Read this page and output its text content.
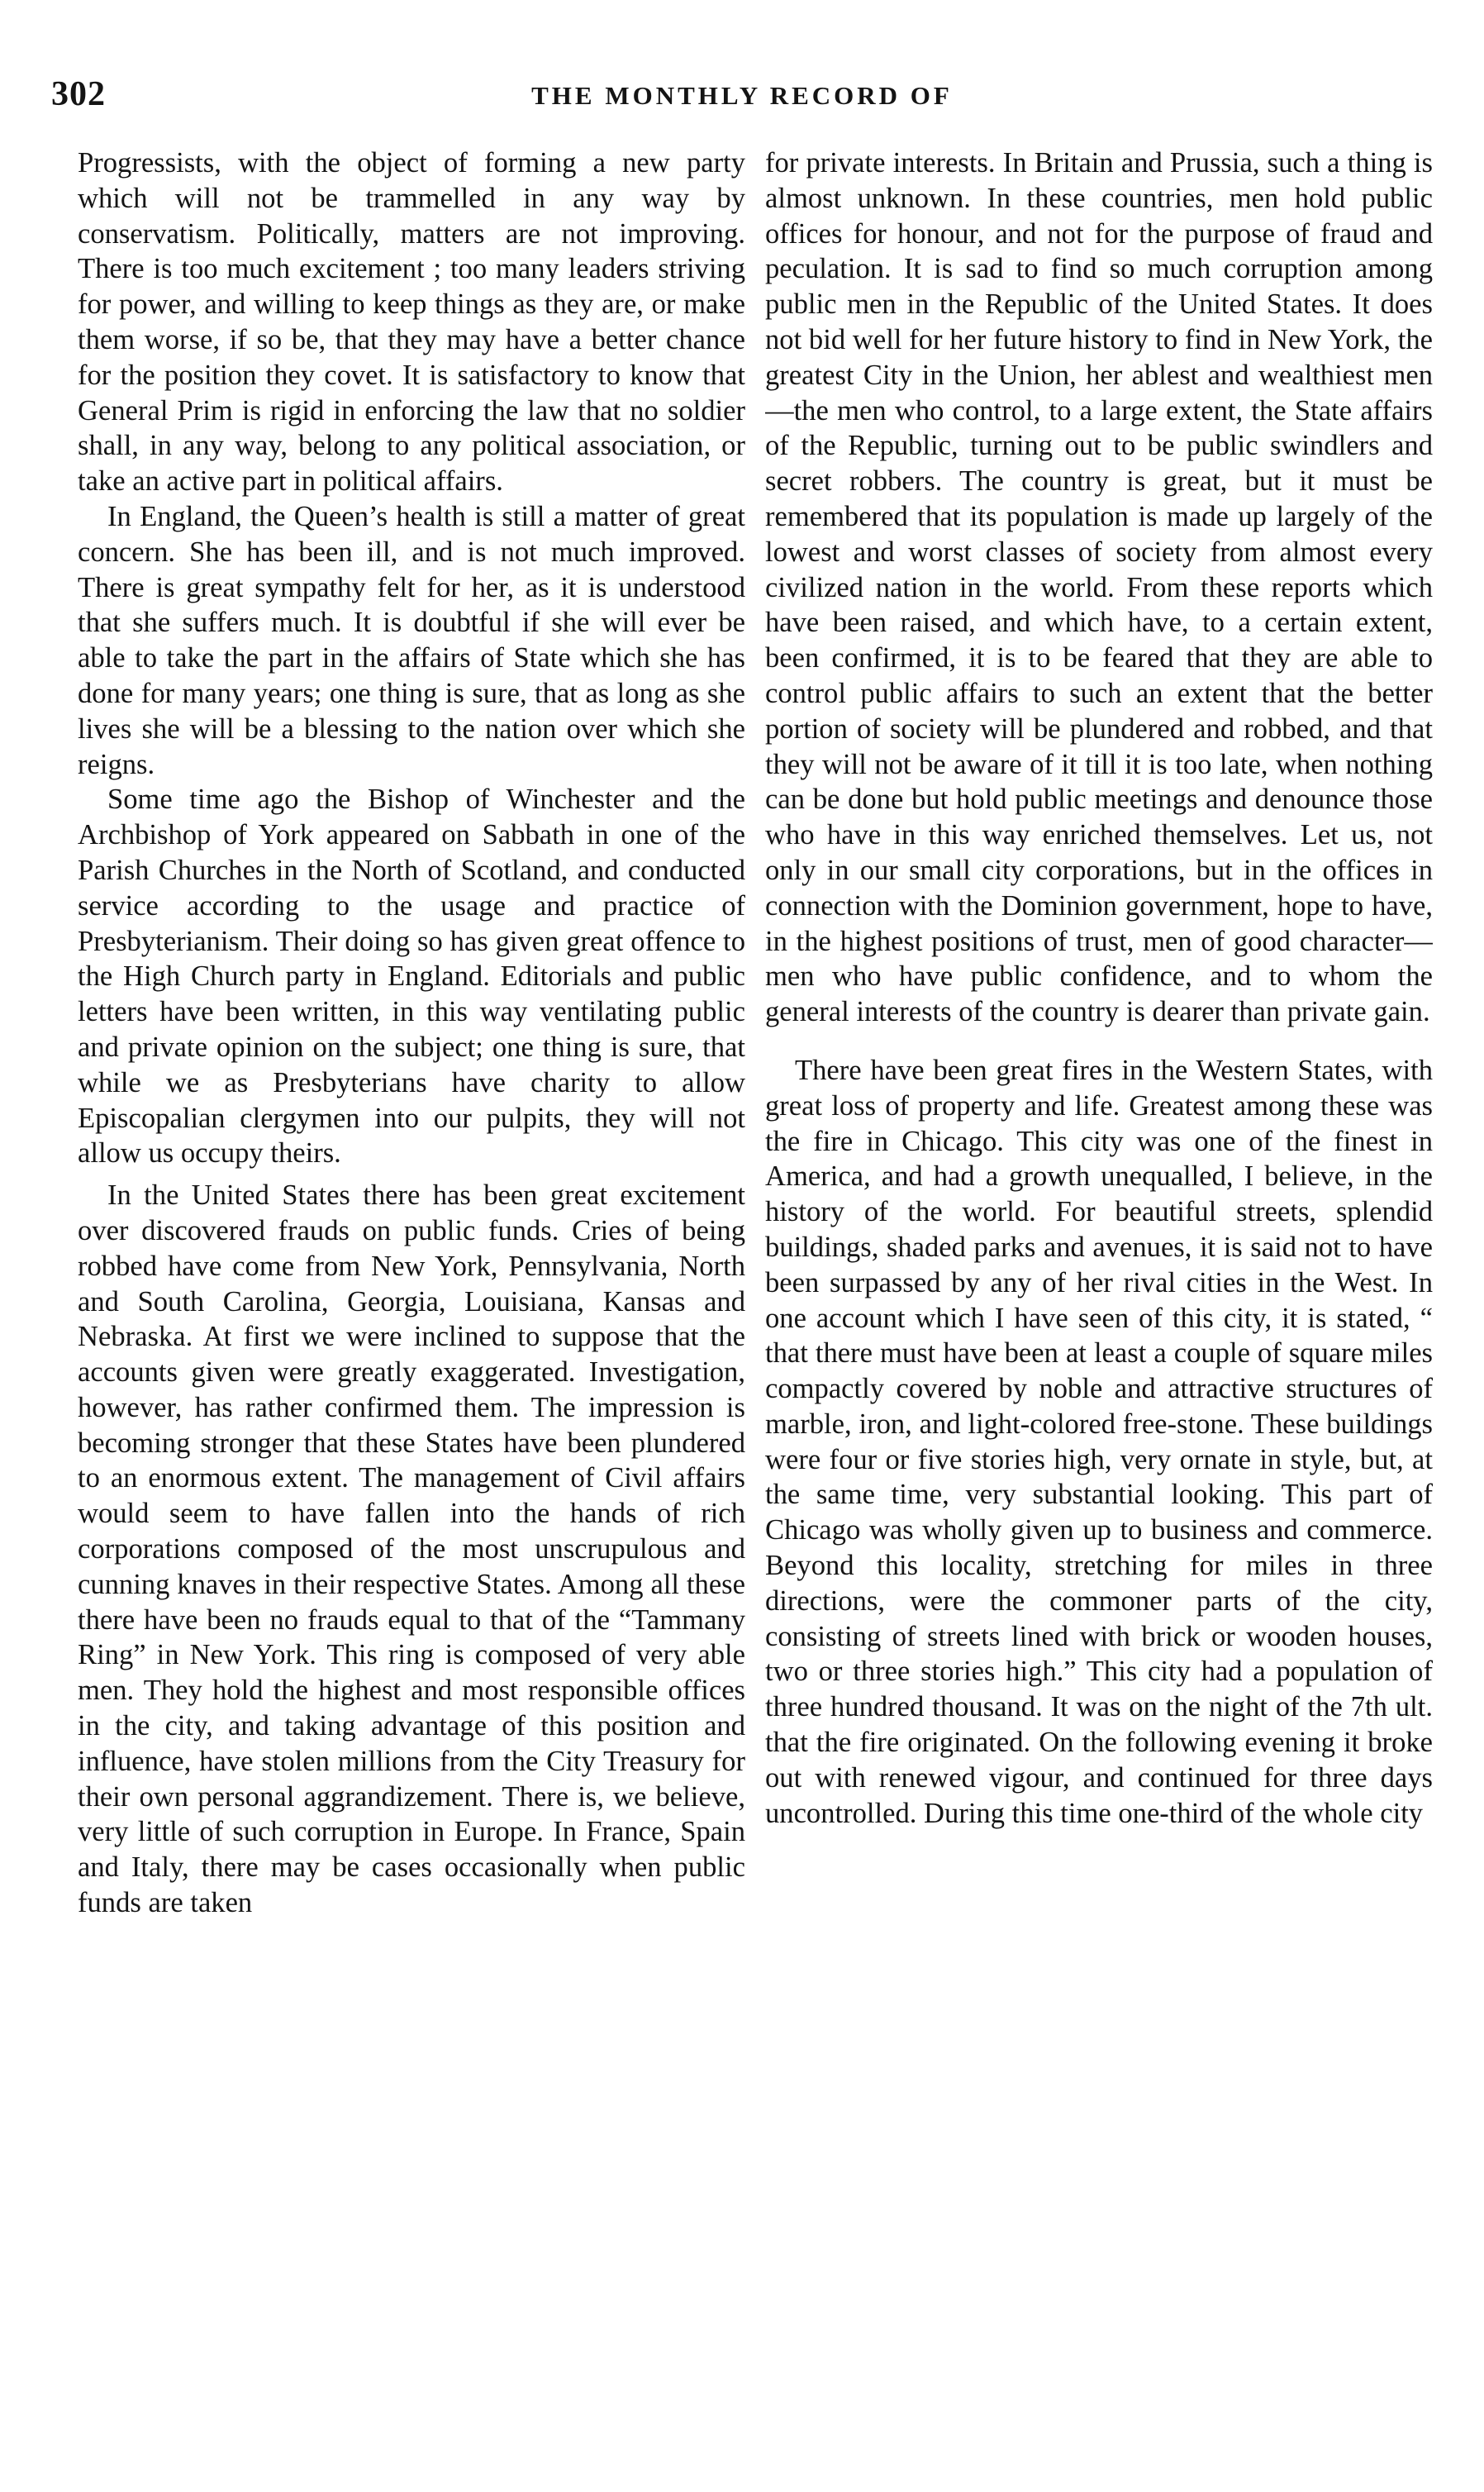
302	THE MONTHLY RECORD OF

Progressists, with the object of forming a new party which will not be trammelled in any way by conservatism. Politically, matters are not improving. There is too much excitement ; too many leaders striving for power, and willing to keep things as they are, or make them worse, if so be, that they may have a better chance for the position they covet. It is satisfactory to know that General Prim is rigid in enforcing the law that no soldier shall, in any way, belong to any political association, or take an active part in political affairs.

In England, the Queen’s health is still a matter of great concern. She has been ill, and is not much improved. There is great sympathy felt for her, as it is understood that she suffers much. It is doubtful if she will ever be able to take the part in the affairs of State which she has done for many years; one thing is sure, that as long as she lives she will be a blessing to the nation over which she reigns.

Some time ago the Bishop of Winchester and the Archbishop of York appeared on Sabbath in one of the Parish Churches in the North of Scotland, and conducted service according to the usage and practice of Presbyterianism. Their doing so has given great offence to the High Church party in England. Editorials and public letters have been written, in this way ventilating public and private opinion on the subject; one thing is sure, that while we as Presbyterians have charity to allow Episcopalian clergymen into our pulpits, they will not allow us occupy theirs.

In the United States there has been great excitement over discovered frauds on public funds. Cries of being robbed have come from New York, Pennsylvania, North and South Carolina, Georgia, Louisiana, Kansas and Nebraska. At first we were inclined to suppose that the accounts given were greatly exaggerated. Investigation, however, has rather confirmed them. The impression is becoming stronger that these States have been plundered to an enormous extent. The management of Civil affairs would seem to have fallen into the hands of rich corporations composed of the most unscrupulous and cunning knaves in their respective States. Among all these there have been no frauds equal to that of the “Tammany Ring” in New York. This ring is composed of very able men. They hold the highest and most responsible offices in the city, and taking advantage of this position and influence, have stolen millions from the City Treasury for their own personal aggrandizement. There is, we believe, very little of such corruption in Europe. In France, Spain and Italy, there may be cases occasionally when public funds are taken

for private interests. In Britain and Prussia, such a thing is almost unknown. In these countries, men hold public offices for honour, and not for the purpose of fraud and peculation. It is sad to find so much corruption among public men in the Republic of the United States. It does not bid well for her future history to find in New York, the greatest City in the Union, her ablest and wealthiest men—the men who control, to a large extent, the State affairs of the Republic, turning out to be public swindlers and secret robbers. The country is great, but it must be remembered that its population is made up largely of the lowest and worst classes of society from almost every civilized nation in the world. From these reports which have been raised, and which have, to a certain extent, been confirmed, it is to be feared that they are able to control public affairs to such an extent that the better portion of society will be plundered and robbed, and that they will not be aware of it till it is too late, when nothing can be done but hold public meetings and denounce those who have in this way enriched themselves. Let us, not only in our small city corporations, but in the offices in connection with the Dominion government, hope to have, in the highest positions of trust, men of good character— men who have public confidence, and to whom the general interests of the country is dearer than private gain.

There have been great fires in the Western States, with great loss of property and life. Greatest among these was the fire in Chicago. This city was one of the finest in America, and had a growth unequalled, I believe, in the history of the world. For beautiful streets, splendid buildings, shaded parks and avenues, it is said not to have been surpassed by any of her rival cities in the West. In one account which I have seen of this city, it is stated, “ that there must have been at least a couple of square miles compactly covered by noble and attractive structures of marble, iron, and light-colored free-stone. These buildings were four or five stories high, very ornate in style, but, at the same time, very substantial looking. This part of Chicago was wholly given up to business and commerce. Beyond this locality, stretching for miles in three directions, were the commoner parts of the city, consisting of streets lined with brick or wooden houses, two or three stories high.” This city had a population of three hundred thousand. It was on the night of the 7th ult. that the fire originated. On the following evening it broke out with renewed vigour, and continued for three days uncontrolled. During this time one-third of the whole city
